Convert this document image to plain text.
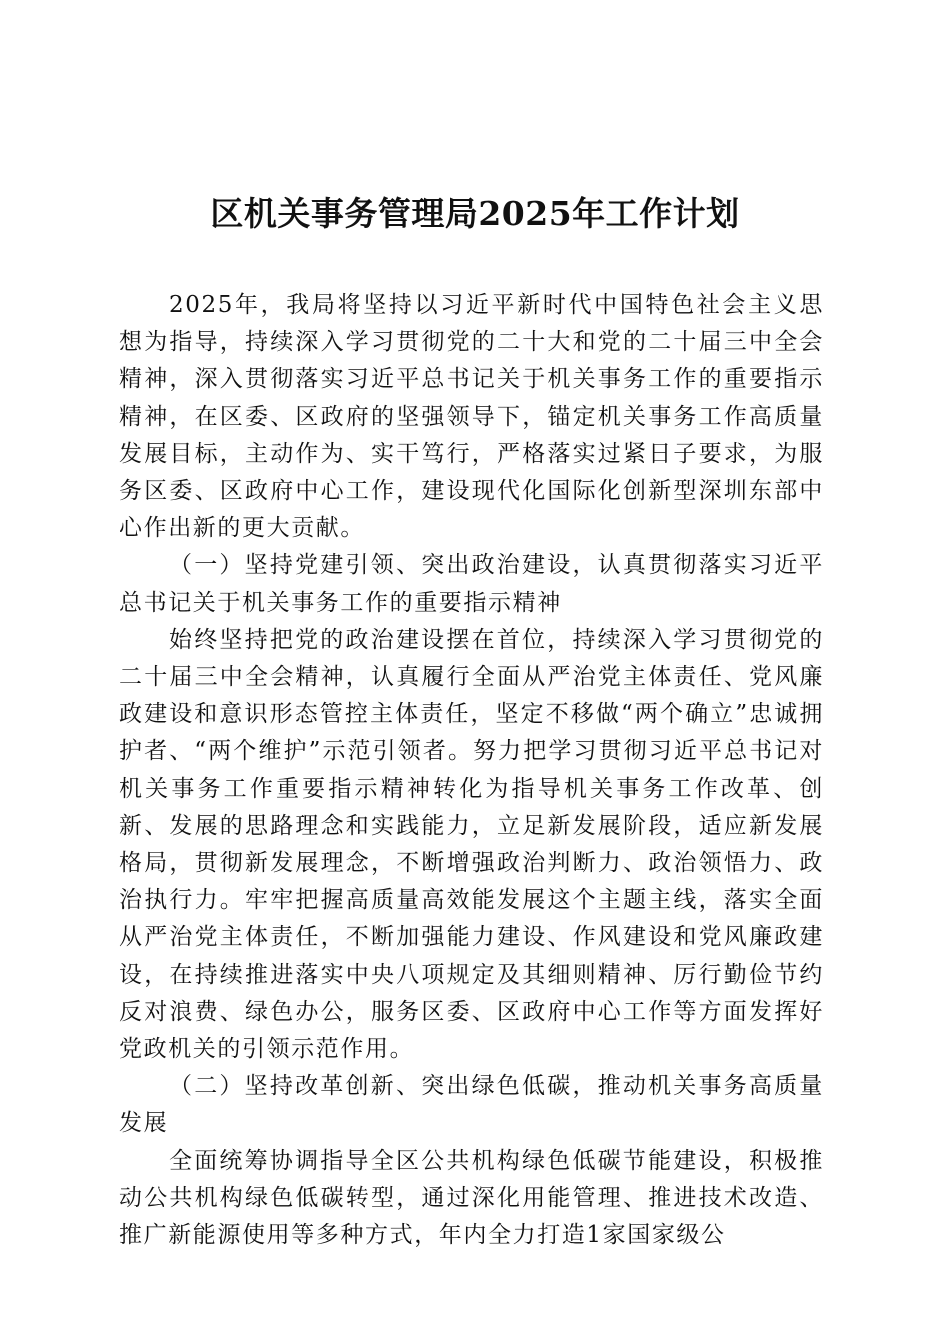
区机关事务管理局2025年工作计划

2025年，我局将坚持以习近平新时代中国特色社会主义思想为指导，持续深入学习贯彻党的二十大和党的二十届三中全会精神，深入贯彻落实习近平总书记关于机关事务工作的重要指示精神，在区委、区政府的坚强领导下，锚定机关事务工作高质量发展目标，主动作为、实干笃行，严格落实过紧日子要求，为服务区委、区政府中心工作，建设现代化国际化创新型深圳东部中心作出新的更大贡献。

（一）坚持党建引领、突出政治建设，认真贯彻落实习近平总书记关于机关事务工作的重要指示精神

始终坚持把党的政治建设摆在首位，持续深入学习贯彻党的二十届三中全会精神，认真履行全面从严治党主体责任、党风廉政建设和意识形态管控主体责任，坚定不移做“两个确立”忠诚拥护者、“两个维护”示范引领者。努力把学习贯彻习近平总书记对机关事务工作重要指示精神转化为指导机关事务工作改革、创新、发展的思路理念和实践能力，立足新发展阶段，适应新发展格局，贯彻新发展理念，不断增强政治判断力、政治领悟力、政治执行力。牢牢把握高质量高效能发展这个主题主线，落实全面从严治党主体责任，不断加强能力建设、作风建设和党风廉政建设，在持续推进落实中央八项规定及其细则精神、厉行勤俭节约反对浪费、绿色办公，服务区委、区政府中心工作等方面发挥好党政机关的引领示范作用。

（二）坚持改革创新、突出绿色低碳，推动机关事务高质量发展

全面统筹协调指导全区公共机构绿色低碳节能建设，积极推动公共机构绿色低碳转型，通过深化用能管理、推进技术改造、推广新能源使用等多种方式，年内全力打造1家国家级公
